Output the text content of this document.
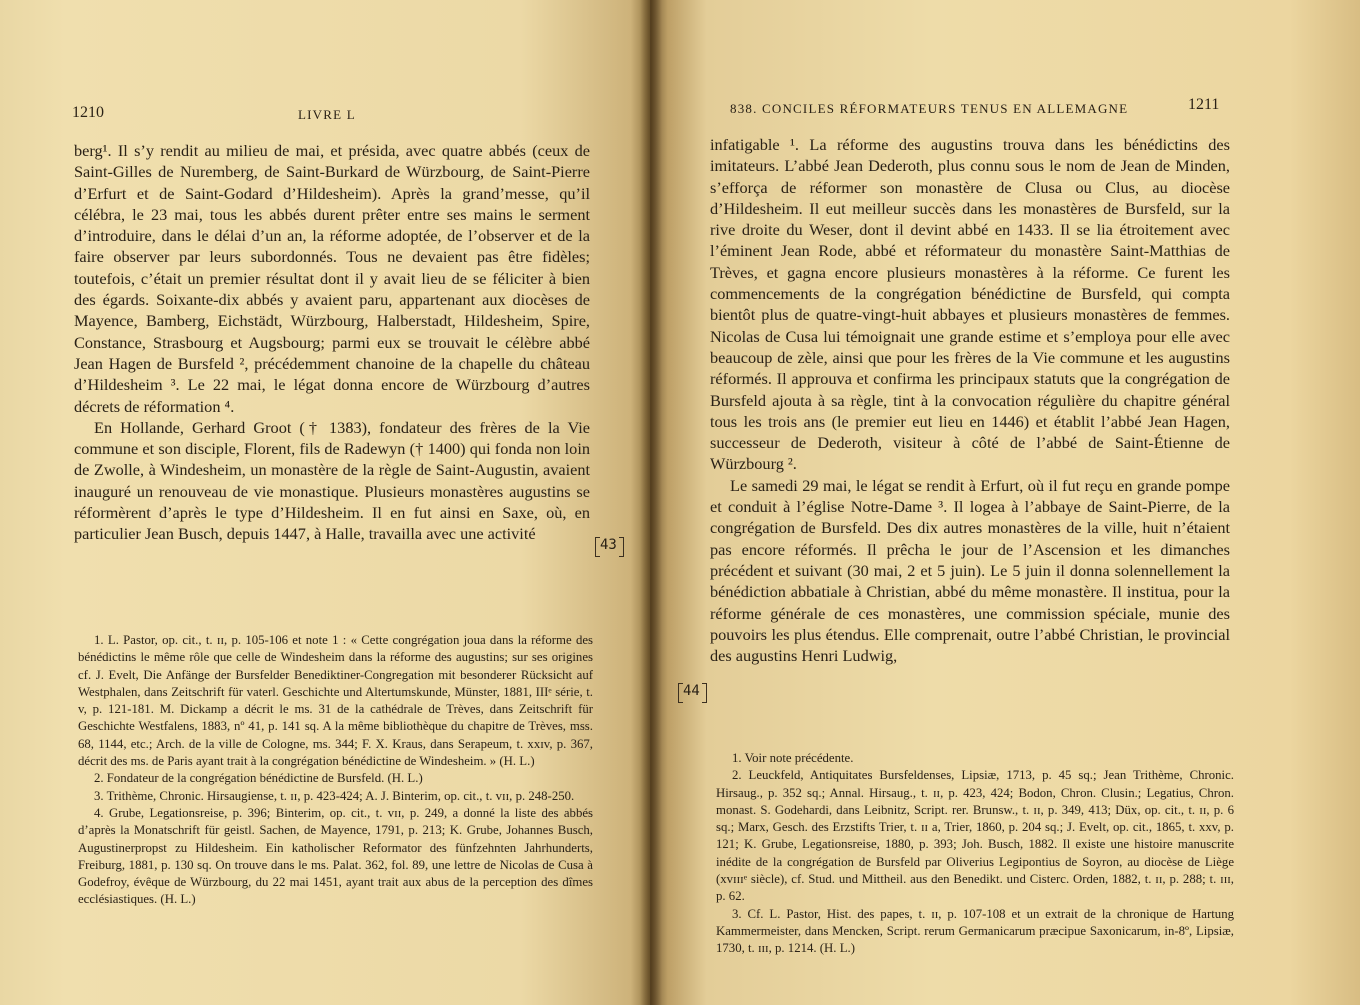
1210	LIVRE L

berg¹. Il s’y rendit au milieu de mai, et présida, avec quatre abbés (ceux de Saint-Gilles de Nuremberg, de Saint-Burkard de Würzbourg, de Saint-Pierre d’Erfurt et de Saint-Godard d’Hildesheim). Après la grand’messe, qu’il célébra, le 23 mai, tous les abbés durent prêter entre ses mains le serment d’introduire, dans le délai d’un an, la réforme adoptée, de l’observer et de la faire observer par leurs subordonnés. Tous ne devaient pas être fidèles; toutefois, c’était un premier résultat dont il y avait lieu de se féliciter à bien des égards. Soixante-dix abbés y avaient paru, appartenant aux diocèses de Mayence, Bamberg, Eichstädt, Würzbourg, Halberstadt, Hildesheim, Spire, Constance, Strasbourg et Augsbourg; parmi eux se trouvait le célèbre abbé Jean Hagen de Bursfeld ², précédemment chanoine de la chapelle du château d’Hildesheim ³. Le 22 mai, le légat donna encore de Würzbourg d’autres décrets de réformation ⁴.

En Hollande, Gerhard Groot († 1383), fondateur des frères de la Vie commune et son disciple, Florent, fils de Radewyn († 1400) qui fonda non loin de Zwolle, à Windesheim, un monastère de la règle de Saint-Augustin, avaient inauguré un renouveau de vie monastique. Plusieurs monastères augustins se réformèrent d’après le type d’Hildesheim. Il en fut ainsi en Saxe, où, en particulier Jean Busch, depuis 1447, à Halle, travailla avec une activité

43

1. L. Pastor, op. cit., t. ɪɪ, p. 105-106 et note 1 : « Cette congrégation joua dans la réforme des bénédictins le même rôle que celle de Windesheim dans la réforme des augustins; sur ses origines cf. J. Evelt, Die Anfänge der Bursfelder Benediktiner-Congregation mit besonderer Rücksicht auf Westphalen, dans Zeitschrift für vaterl. Geschichte und Altertumskunde, Münster, 1881, IIIᵉ série, t. v, p. 121-181. M. Dickamp a décrit le ms. 31 de la cathédrale de Trèves, dans Zeitschrift für Geschichte Westfalens, 1883, nº 41, p. 141 sq. A la même bibliothèque du chapitre de Trèves, mss. 68, 1144, etc.; Arch. de la ville de Cologne, ms. 344; F. X. Kraus, dans Serapeum, t. xxɪv, p. 367, décrit des ms. de Paris ayant trait à la congrégation bénédictine de Windesheim. » (H. L.)

2. Fondateur de la congrégation bénédictine de Bursfeld. (H. L.)

3. Trithème, Chronic. Hirsaugiense, t. ɪɪ, p. 423-424; A. J. Binterim, op. cit., t. vɪɪ, p. 248-250.

4. Grube, Legationsreise, p. 396; Binterim, op. cit., t. vɪɪ, p. 249, a donné la liste des abbés d’après la Monatschrift für geistl. Sachen, de Mayence, 1791, p. 213; K. Grube, Johannes Busch, Augustinerpropst zu Hildesheim. Ein katholischer Reformator des fünfzehnten Jahrhunderts, Freiburg, 1881, p. 130 sq. On trouve dans le ms. Palat. 362, fol. 89, une lettre de Nicolas de Cusa à Godefroy, évêque de Würzbourg, du 22 mai 1451, ayant trait aux abus de la perception des dîmes ecclésiastiques. (H. L.)

838. CONCILES RÉFORMATEURS TENUS EN ALLEMAGNE	1211

infatigable ¹. La réforme des augustins trouva dans les bénédictins des imitateurs. L’abbé Jean Dederoth, plus connu sous le nom de Jean de Minden, s’efforça de réformer son monastère de Clusa ou Clus, au diocèse d’Hildesheim. Il eut meilleur succès dans les monastères de Bursfeld, sur la rive droite du Weser, dont il devint abbé en 1433. Il se lia étroitement avec l’éminent Jean Rode, abbé et réformateur du monastère Saint-Matthias de Trèves, et gagna encore plusieurs monastères à la réforme. Ce furent les commencements de la congrégation bénédictine de Bursfeld, qui compta bientôt plus de quatre-vingt-huit abbayes et plusieurs monastères de femmes. Nicolas de Cusa lui témoignait une grande estime et s’employa pour elle avec beaucoup de zèle, ainsi que pour les frères de la Vie commune et les augustins réformés. Il approuva et confirma les principaux statuts que la congrégation de Bursfeld ajouta à sa règle, tint à la convocation régulière du chapitre général tous les trois ans (le premier eut lieu en 1446) et établit l’abbé Jean Hagen, successeur de Dederoth, visiteur à côté de l’abbé de Saint-Étienne de Würzbourg ².

Le samedi 29 mai, le légat se rendit à Erfurt, où il fut reçu en grande pompe et conduit à l’église Notre-Dame ³. Il logea à l’abbaye de Saint-Pierre, de la congrégation de Bursfeld. Des dix autres monastères de la ville, huit n’étaient pas encore réformés. Il prêcha le jour de l’Ascension et les dimanches précédent et suivant (30 mai, 2 et 5 juin). Le 5 juin il donna solennellement la bénédiction abbatiale à Christian, abbé du même monastère. Il institua, pour la réforme générale de ces monastères, une commission spéciale, munie des pouvoirs les plus étendus. Elle comprenait, outre l’abbé Christian, le provincial des augustins Henri Ludwig,

44

1. Voir note précédente.

2. Leuckfeld, Antiquitates Bursfeldenses, Lipsiæ, 1713, p. 45 sq.; Jean Trithème, Chronic. Hirsaug., p. 352 sq.; Annal. Hirsaug., t. ɪɪ, p. 423, 424; Bodon, Chron. Clusin.; Legatius, Chron. monast. S. Godehardi, dans Leibnitz, Script. rer. Brunsw., t. ɪɪ, p. 349, 413; Düx, op. cit., t. ɪɪ, p. 6 sq.; Marx, Gesch. des Erzstifts Trier, t. ɪɪ a, Trier, 1860, p. 204 sq.; J. Evelt, op. cit., 1865, t. xxv, p. 121; K. Grube, Legationsreise, 1880, p. 393; Joh. Busch, 1882. Il existe une histoire manuscrite inédite de la congrégation de Bursfeld par Oliverius Legipontius de Soyron, au diocèse de Liège (xvɪɪɪᵉ siècle), cf. Stud. und Mittheil. aus den Benedikt. und Cisterc. Orden, 1882, t. ɪɪ, p. 288; t. ɪɪɪ, p. 62.

3. Cf. L. Pastor, Hist. des papes, t. ɪɪ, p. 107-108 et un extrait de la chronique de Hartung Kammermeister, dans Mencken, Script. rerum Germanicarum præcipue Saxonicarum, in-8º, Lipsiæ, 1730, t. ɪɪɪ, p. 1214. (H. L.)
